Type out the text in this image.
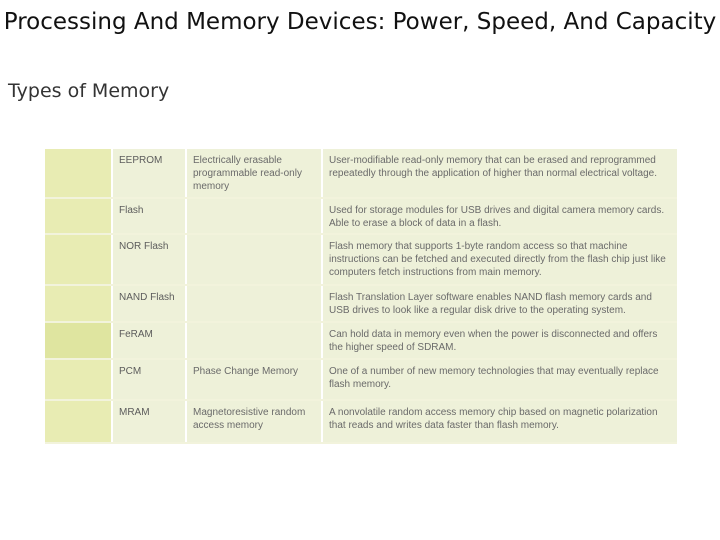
Processing And Memory Devices: Power, Speed, And Capacity
Types of Memory
	EEPROM	Electrically erasable programmable read-only memory	User-modifiable read-only memory that can be erased and reprogrammed repeatedly through the application of higher than normal electrical voltage.
	Flash		Used for storage modules for USB drives and digital camera memory cards. Able to erase a block of data in a flash.
	NOR Flash		Flash memory that supports 1-byte random access so that machine instructions can be fetched and executed directly from the flash chip just like computers fetch instructions from main memory.
	NAND Flash		Flash Translation Layer software enables NAND flash memory cards and USB drives to look like a regular disk drive to the operating system.
	FeRAM		Can hold data in memory even when the power is disconnected and offers the higher speed of SDRAM.
	PCM	Phase Change Memory	One of a number of new memory technologies that may eventually replace flash memory.
	MRAM	Magnetoresistive random access memory	A nonvolatile random access memory chip based on magnetic polarization that reads and writes data faster than flash memory.
